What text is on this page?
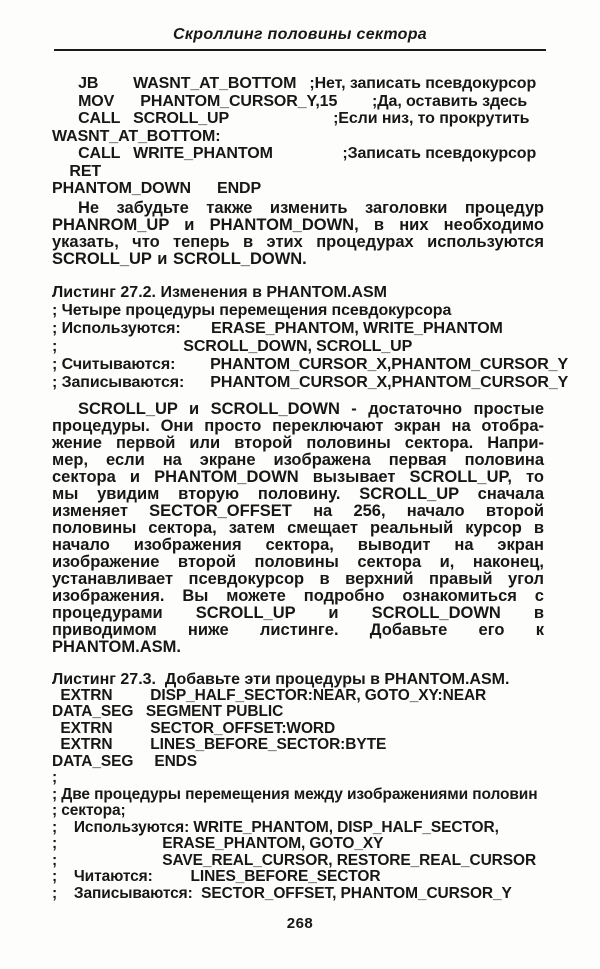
Скроллинг половины сектора
JB        WASNT_AT_BOTTOM   ;Нет, записать псевдокурсор
MOV      PHANTOM_CURSOR_Y,15        ;Да, оставить здесь
CALL   SCROLL_UP                        ;Если низ, то прокрутить
WASNT_AT_BOTTOM:
CALL   WRITE_PHANTOM                ;Записать псевдокурсор
RET
PHANTOM_DOWN      ENDP
Не забудьте также изменить заголовки процедур
PHANROM_UP и PHANTOM_DOWN, в них необходимо
указать, что теперь в этих процедурах используются
SCROLL_UP и SCROLL_DOWN.
Листинг 27.2. Изменения в PHANTOM.ASM
; Четыре процедуры перемещения псевдокурсора
; Используются:       ERASE_PHANTOM, WRITE_PHANTOM
;                             SCROLL_DOWN, SCROLL_UP
; Считываются:        PHANTOM_CURSOR_X,PHANTOM_CURSOR_Y
; Записываются:      PHANTOM_CURSOR_X,PHANTOM_CURSOR_Y
SCROLL_UP и SCROLL_DOWN - достаточно простые
процедуры. Они просто переключают экран на отобра-
жение первой или второй половины сектора. Напри-
мер, если на экране изображена первая половина
сектора и PHANTOM_DOWN вызывает SCROLL_UP, то
мы увидим вторую половину. SCROLL_UP сначала
изменяет SECTOR_OFFSET на 256, начало второй
половины сектора, затем смещает реальный курсор в
начало изображения сектора, выводит на экран
изображение второй половины сектора и, наконец,
устанавливает псевдокурсор в верхний правый угол
изображения. Вы можете подробно ознакомиться с
процедурами SCROLL_UP и SCROLL_DOWN в
приводимом ниже листинге. Добавьте его к
PHANTOM.ASM.
Листинг 27.3.  Добавьте эти процедуры в PHANTOM.ASM.
EXTRN         DISP_HALF_SECTOR:NEAR, GOTO_XY:NEAR
DATA_SEG   SEGMENT PUBLIC
EXTRN         SECTOR_OFFSET:WORD
EXTRN         LINES_BEFORE_SECTOR:BYTE
DATA_SEG     ENDS
;
; Две процедуры перемещения между изображениями половин
; сектора;
;    Используются: WRITE_PHANTOM, DISP_HALF_SECTOR,
;                         ERASE_PHANTOM, GOTO_XY
;                         SAVE_REAL_CURSOR, RESTORE_REAL_CURSOR
;    Читаются:         LINES_BEFORE_SECTOR
;    Записываются:  SECTOR_OFFSET, PHANTOM_CURSOR_Y
268
